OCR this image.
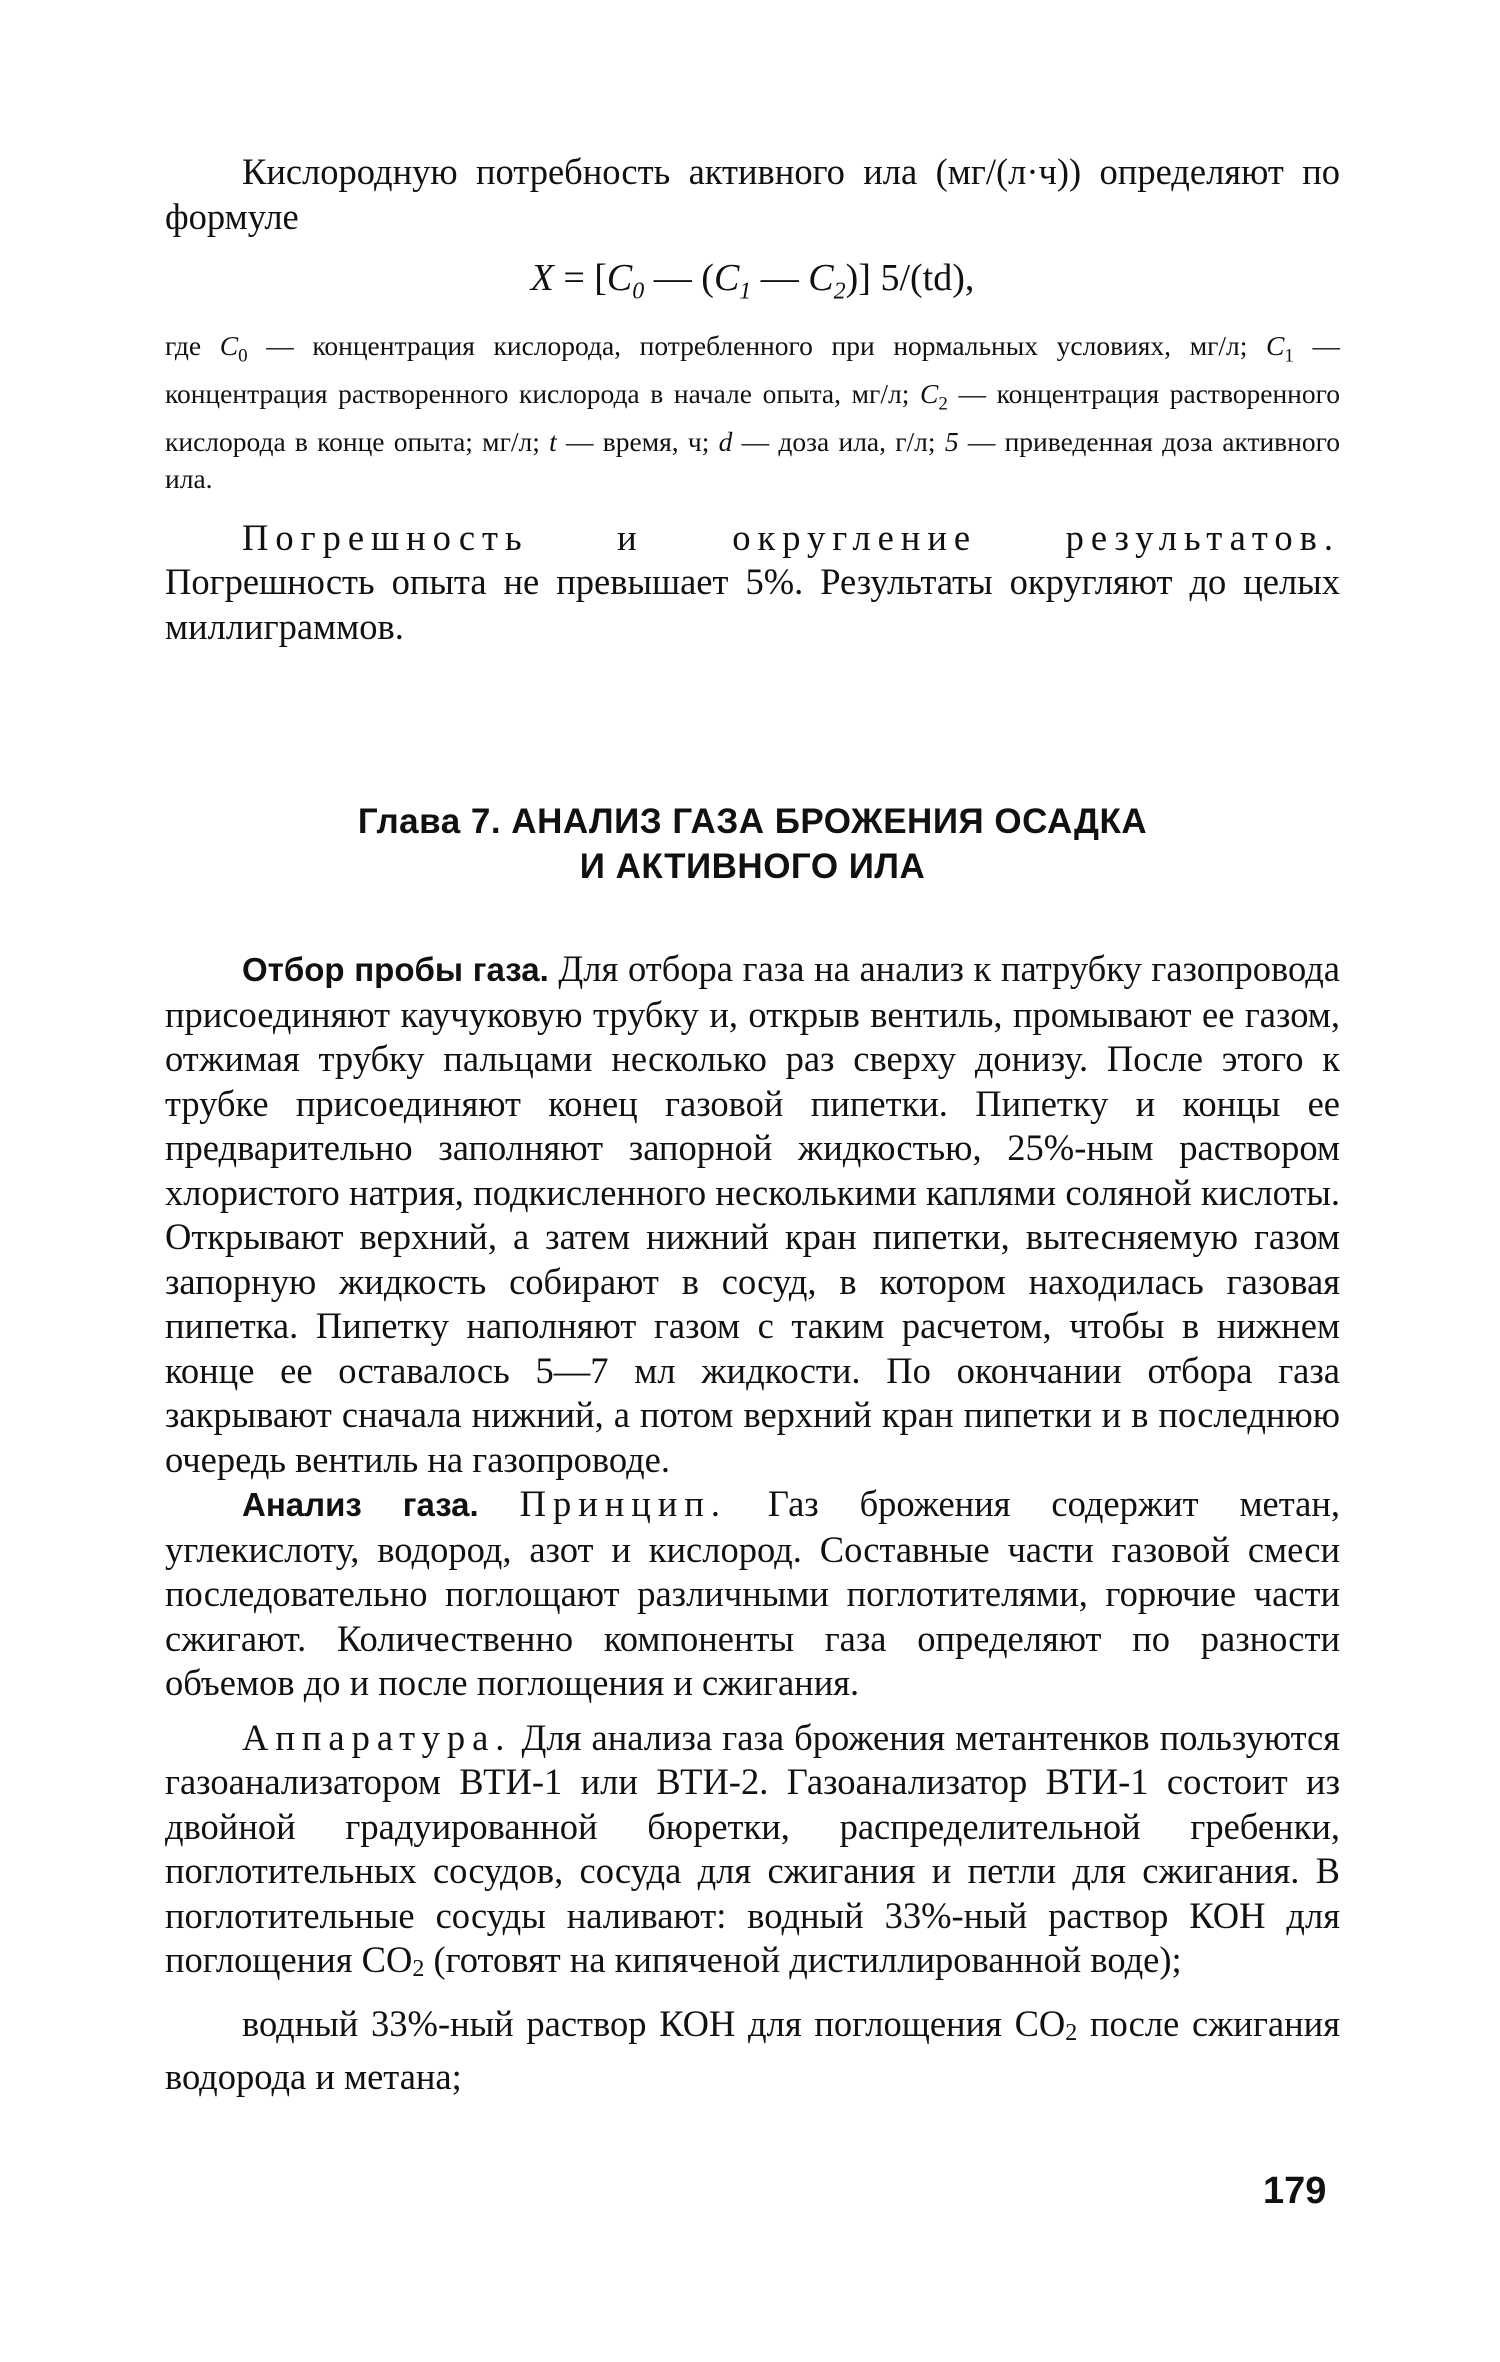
Кислородную потребность активного ила (мг/(л·ч)) определяют по формуле

$X = [C_0$ — ($C_1$ — $C_2$)] 5/(td),

где $C_0$ — концентрация кислорода, потребленного при нормальных условиях, мг/л; $C_1$ — концентрация растворенного кислорода в начале опыта, мг/л; $C_2$ — концентрация растворенного кислорода в конце опыта; мг/л; t — время, ч; d — доза ила, г/л; 5 — приведенная доза активного ила.

Погрешность и округление результатов. Погрешность опыта не превышает 5%. Результаты округляют до целых миллиграммов.

Глава 7. АНАЛИЗ ГАЗА БРОЖЕНИЯ ОСАДКА
И АКТИВНОГО ИЛА

Отбор пробы газа. Для отбора газа на анализ к патрубку газопровода присоединяют каучуковую трубку и, открыв вентиль, промывают ее газом, отжимая трубку пальцами несколько раз сверху донизу. После этого к трубке присоединяют конец газовой пипетки. Пипетку и концы ее предварительно заполняют запорной жидкостью, 25%-ным раствором хлористого натрия, подкисленного несколькими каплями соляной кислоты. Открывают верхний, а затем нижний кран пипетки, вытесняемую газом запорную жидкость собирают в сосуд, в котором находилась газовая пипетка. Пипетку наполняют газом с таким расчетом, чтобы в нижнем конце ее оставалось 5—7 мл жидкости. По окончании отбора газа закрывают сначала нижний, а потом верхний кран пипетки и в последнюю очередь вентиль на газопроводе.

Анализ газа. Принцип. Газ брожения содержит метан, углекислоту, водород, азот и кислород. Составные части газовой смеси последовательно поглощают различными поглотителями, горючие части сжигают. Количественно компоненты газа определяют по разности объемов до и после поглощения и сжигания.

Аппаратура. Для анализа газа брожения метантенков пользуются газоанализатором ВТИ-1 или ВТИ-2. Газоанализатор ВТИ-1 состоит из двойной градуированной бюретки, распределительной гребенки, поглотительных сосудов, сосуда для сжигания и петли для сжигания. В поглотительные сосуды наливают: водный 33%-ный раствор КОН для поглощения $СО_2$ (готовят на кипяченой дистиллированной воде);

водный 33%-ный раствор КОН для поглощения $СО_2$ после сжигания водорода и метана;

179
